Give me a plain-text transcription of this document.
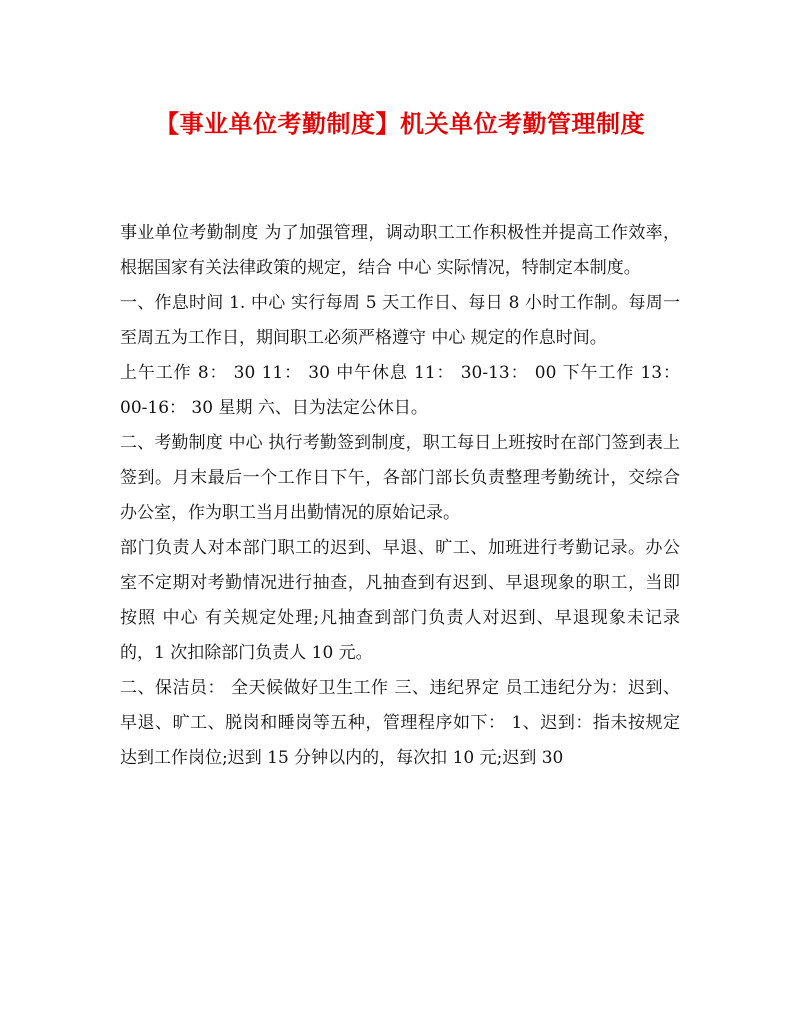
【事业单位考勤制度】机关单位考勤管理制度

事业单位考勤制度 为了加强管理，调动职工工作积极性并提高工作效率，根据国家有关法律政策的规定，结合 中心 实际情况，特制定本制度。

一、作息时间 1. 中心 实行每周 5 天工作日、每日 8 小时工作制。每周一至周五为工作日，期间职工必须严格遵守 中心 规定的作息时间。

上午工作 8： 30 11： 30 中午休息 11： 30-13： 00 下午工作 13：00-16： 30 星期 六、日为法定公休日。

二、考勤制度 中心 执行考勤签到制度，职工每日上班按时在部门签到表上签到。月末最后一个工作日下午，各部门部长负责整理考勤统计，交综合办公室，作为职工当月出勤情况的原始记录。

部门负责人对本部门职工的迟到、早退、旷工、加班进行考勤记录。办公室不定期对考勤情况进行抽查，凡抽查到有迟到、早退现象的职工，当即按照 中心 有关规定处理;凡抽查到部门负责人对迟到、早退现象未记录的，1 次扣除部门负责人 10 元。

二、保洁员： 全天候做好卫生工作 三、违纪界定 员工违纪分为：迟到、早退、旷工、脱岗和睡岗等五种，管理程序如下： 1、迟到：指未按规定达到工作岗位;迟到 15 分钟以内的，每次扣 10 元;迟到 30
